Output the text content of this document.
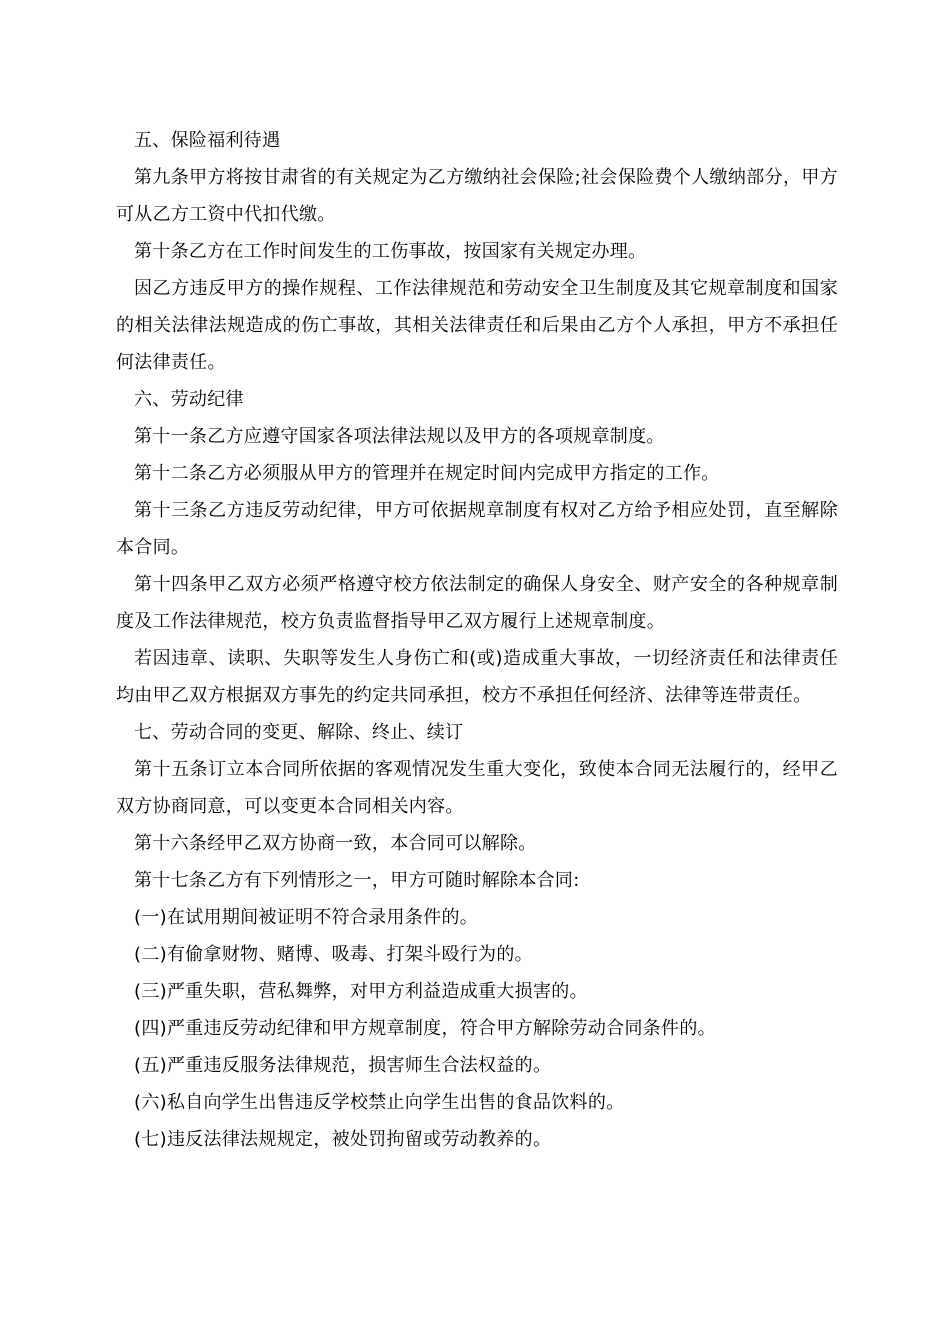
五、保险福利待遇

第九条甲方将按甘肃省的有关规定为乙方缴纳社会保险;社会保险费个人缴纳部分，甲方可从乙方工资中代扣代缴。

第十条乙方在工作时间发生的工伤事故，按国家有关规定办理。

因乙方违反甲方的操作规程、工作法律规范和劳动安全卫生制度及其它规章制度和国家的相关法律法规造成的伤亡事故，其相关法律责任和后果由乙方个人承担，甲方不承担任何法律责任。

六、劳动纪律

第十一条乙方应遵守国家各项法律法规以及甲方的各项规章制度。

第十二条乙方必须服从甲方的管理并在规定时间内完成甲方指定的工作。

第十三条乙方违反劳动纪律，甲方可依据规章制度有权对乙方给予相应处罚，直至解除本合同。

第十四条甲乙双方必须严格遵守校方依法制定的确保人身安全、财产安全的各种规章制度及工作法律规范，校方负责监督指导甲乙双方履行上述规章制度。

若因违章、读职、失职等发生人身伤亡和(或)造成重大事故，一切经济责任和法律责任均由甲乙双方根据双方事先的约定共同承担，校方不承担任何经济、法律等连带责任。

七、劳动合同的变更、解除、终止、续订

第十五条订立本合同所依据的客观情况发生重大变化，致使本合同无法履行的，经甲乙双方协商同意，可以变更本合同相关内容。

第十六条经甲乙双方协商一致，本合同可以解除。

第十七条乙方有下列情形之一，甲方可随时解除本合同:

(一)在试用期间被证明不符合录用条件的。

(二)有偷拿财物、赌博、吸毒、打架斗殴行为的。

(三)严重失职，营私舞弊，对甲方利益造成重大损害的。

(四)严重违反劳动纪律和甲方规章制度，符合甲方解除劳动合同条件的。

(五)严重违反服务法律规范，损害师生合法权益的。

(六)私自向学生出售违反学校禁止向学生出售的食品饮料的。

(七)违反法律法规规定，被处罚拘留或劳动教养的。
